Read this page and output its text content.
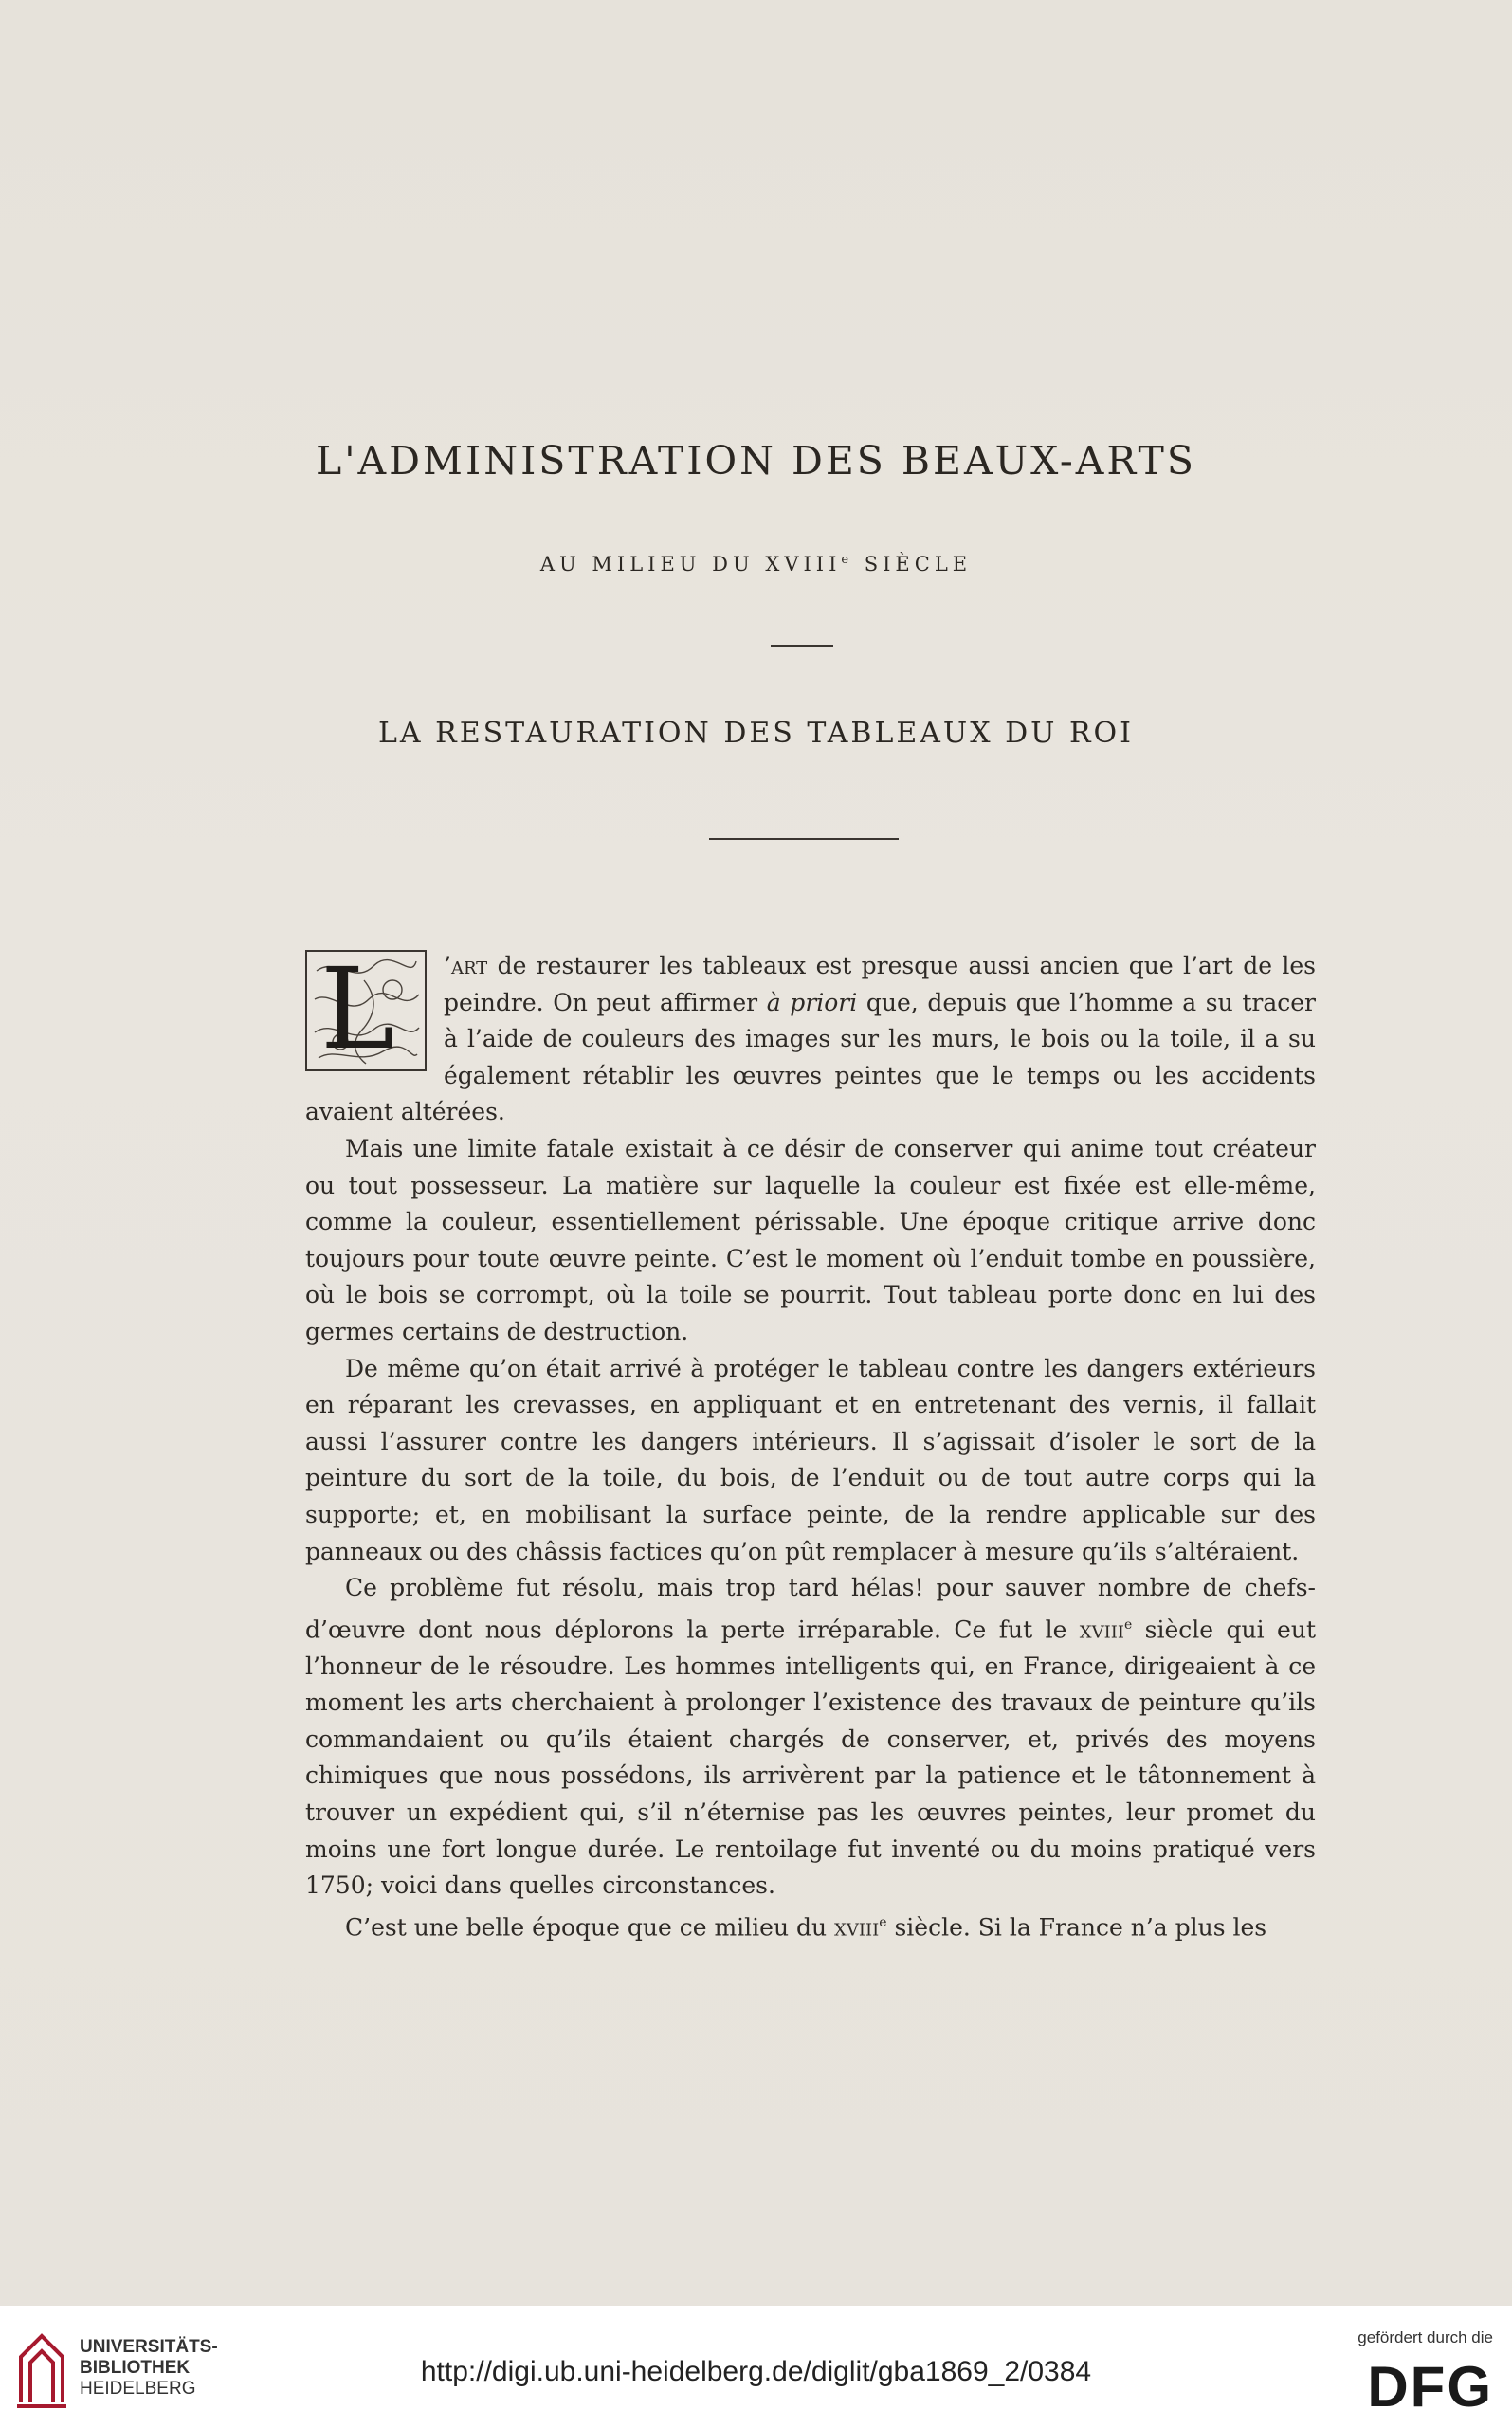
L'ADMINISTRATION DES BEAUX-ARTS
AU MILIEU DU XVIIIe SIÈCLE
LA RESTAURATION DES TABLEAUX DU ROI

L ’art de restaurer les tableaux est presque aussi ancien que l’art de les peindre. On peut affirmer à priori que, depuis que l’homme a su tracer à l’aide de couleurs des images sur les murs, le bois ou la toile, il a su également rétablir les œuvres peintes que le temps ou les accidents avaient altérées.

Mais une limite fatale existait à ce désir de conserver qui anime tout créateur ou tout possesseur. La matière sur laquelle la couleur est fixée est elle-même, comme la couleur, essentiellement périssable. Une époque critique arrive donc toujours pour toute œuvre peinte. C’est le moment où l’enduit tombe en poussière, où le bois se corrompt, où la toile se pourrit. Tout tableau porte donc en lui des germes certains de destruction.

De même qu’on était arrivé à protéger le tableau contre les dangers extérieurs en réparant les crevasses, en appliquant et en entretenant des vernis, il fallait aussi l’assurer contre les dangers intérieurs. Il s’agissait d’isoler le sort de la peinture du sort de la toile, du bois, de l’enduit ou de tout autre corps qui la supporte; et, en mobilisant la surface peinte, de la rendre applicable sur des panneaux ou des châssis factices qu’on pût remplacer à mesure qu’ils s’altéraient.

Ce problème fut résolu, mais trop tard hélas! pour sauver nombre de chefs-d’œuvre dont nous déplorons la perte irréparable. Ce fut le xviii$^e$ siècle qui eut l’honneur de le résoudre. Les hommes intelligents qui, en France, dirigeaient à ce moment les arts cherchaient à prolonger l’existence des travaux de peinture qu’ils commandaient ou qu’ils étaient chargés de conserver, et, privés des moyens chimiques que nous possédons, ils arrivèrent par la patience et le tâtonnement à trouver un expédient qui, s’il n’éternise pas les œuvres peintes, leur promet du moins une fort longue durée. Le rentoilage fut inventé ou du moins pratiqué vers 1750; voici dans quelles circonstances.

C’est une belle époque que ce milieu du xviii$^e$ siècle. Si la France n’a plus les

UNIVERSITÄTS-
BIBLIOTHEK
HEIDELBERG
http://digi.ub.uni-heidelberg.de/diglit/gba1869_2/0384
gefördert durch die
DFG
